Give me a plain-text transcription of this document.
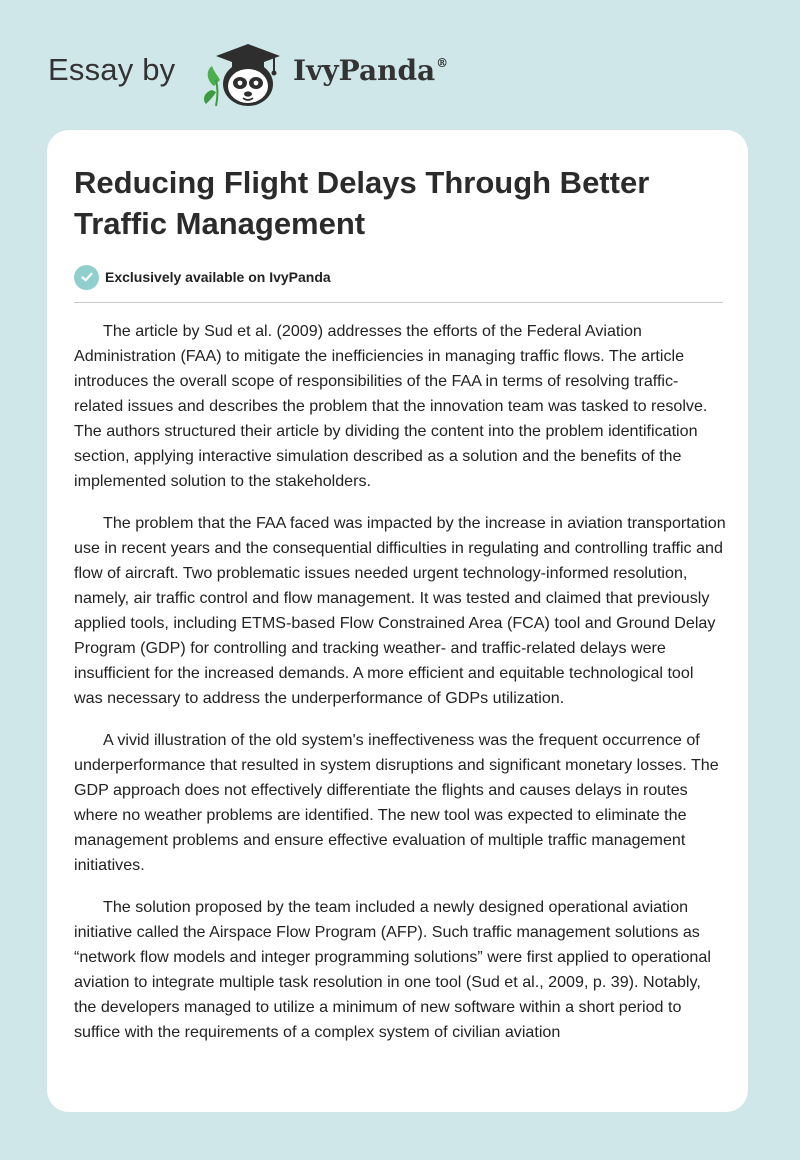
Essay by	IvyPanda®
Reducing Flight Delays Through Better Traffic Management
Exclusively available on IvyPanda

The article by Sud et al. (2009) addresses the efforts of the Federal Aviation Administration (FAA) to mitigate the inefficiencies in managing traffic flows. The article introduces the overall scope of responsibilities of the FAA in terms of resolving traffic-related issues and describes the problem that the innovation team was tasked to resolve. The authors structured their article by dividing the content into the problem identification section, applying interactive simulation described as a solution and the benefits of the implemented solution to the stakeholders.

The problem that the FAA faced was impacted by the increase in aviation transportation use in recent years and the consequential difficulties in regulating and controlling traffic and flow of aircraft. Two problematic issues needed urgent technology-informed resolution, namely, air traffic control and flow management. It was tested and claimed that previously applied tools, including ETMS-based Flow Constrained Area (FCA) tool and Ground Delay Program (GDP) for controlling and tracking weather- and traffic-related delays were insufficient for the increased demands. A more efficient and equitable technological tool was necessary to address the underperformance of GDPs utilization.

A vivid illustration of the old system's ineffectiveness was the frequent occurrence of underperformance that resulted in system disruptions and significant monetary losses. The GDP approach does not effectively differentiate the flights and causes delays in routes where no weather problems are identified. The new tool was expected to eliminate the management problems and ensure effective evaluation of multiple traffic management initiatives.

The solution proposed by the team included a newly designed operational aviation initiative called the Airspace Flow Program (AFP). Such traffic management solutions as “network flow models and integer programming solutions” were first applied to operational aviation to integrate multiple task resolution in one tool (Sud et al., 2009, p. 39). Notably, the developers managed to utilize a minimum of new software within a short period to suffice with the requirements of a complex system of civilian aviation
